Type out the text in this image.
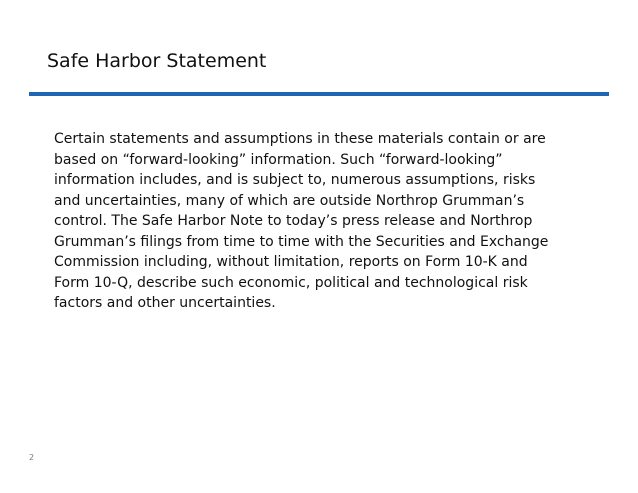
Safe Harbor Statement

Certain statements and assumptions in these materials contain or are
based on “forward-looking” information. Such “forward-looking”
information includes, and is subject to, numerous assumptions, risks
and uncertainties, many of which are outside Northrop Grumman’s
control. The Safe Harbor Note to today’s press release and Northrop
Grumman’s filings from time to time with the Securities and Exchange
Commission including, without limitation, reports on Form 10-K and
Form 10-Q, describe such economic, political and technological risk
factors and other uncertainties.

2
